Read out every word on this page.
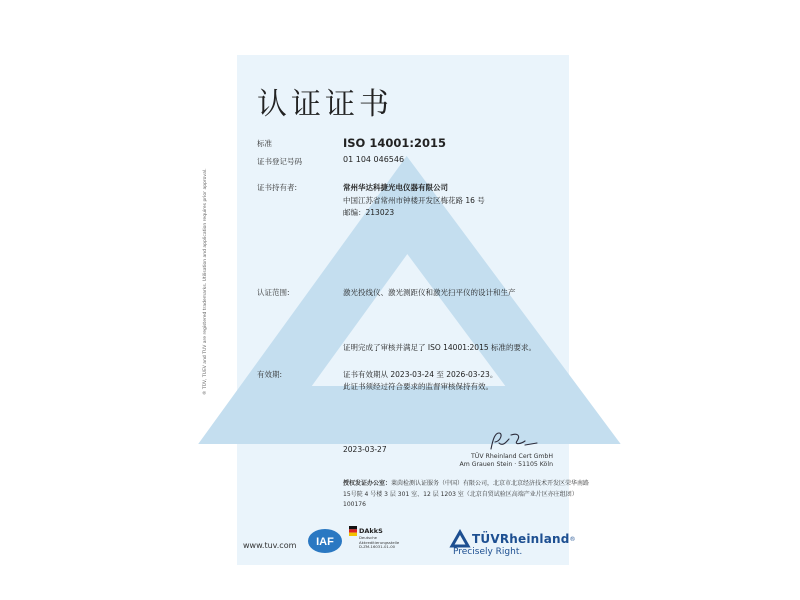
® TÜV, TUEV and TUV are registered trademarks. Utilisation and application requires prior approval.
认证证书
标准	ISO 14001:2015
证书登记号码	01 104 046546
证书持有者:	常州华达科捷光电仪器有限公司
中国江苏省常州市钟楼开发区梅花路 16 号
邮编：213023
认证范围:	激光投线仪、激光测距仪和激光扫平仪的设计和生产
证明完成了审核并满足了 ISO 14001:2015 标准的要求。
有效期:	证书有效期从 2023-03-24 至 2026-03-23。
此证书须经过符合要求的监督审核保持有效。
2023-03-27
TÜV Rheinland Cert GmbH
Am Grauen Stein · 51105 Köln
授权发证办公室：莱茵检测认证服务（中国）有限公司，北京市北京经济技术开发区荣华南路
15号院 4 号楼 3 层 301 室、12 层 1203 室（北京自贸试验区高端产业片区亦庄组团）
100176
www.tuv.com IAF
DAkkS
Deutsche
Akkreditierungsstelle
D-ZM-16031-01-00
TÜVRheinland ®
Precisely Right.
